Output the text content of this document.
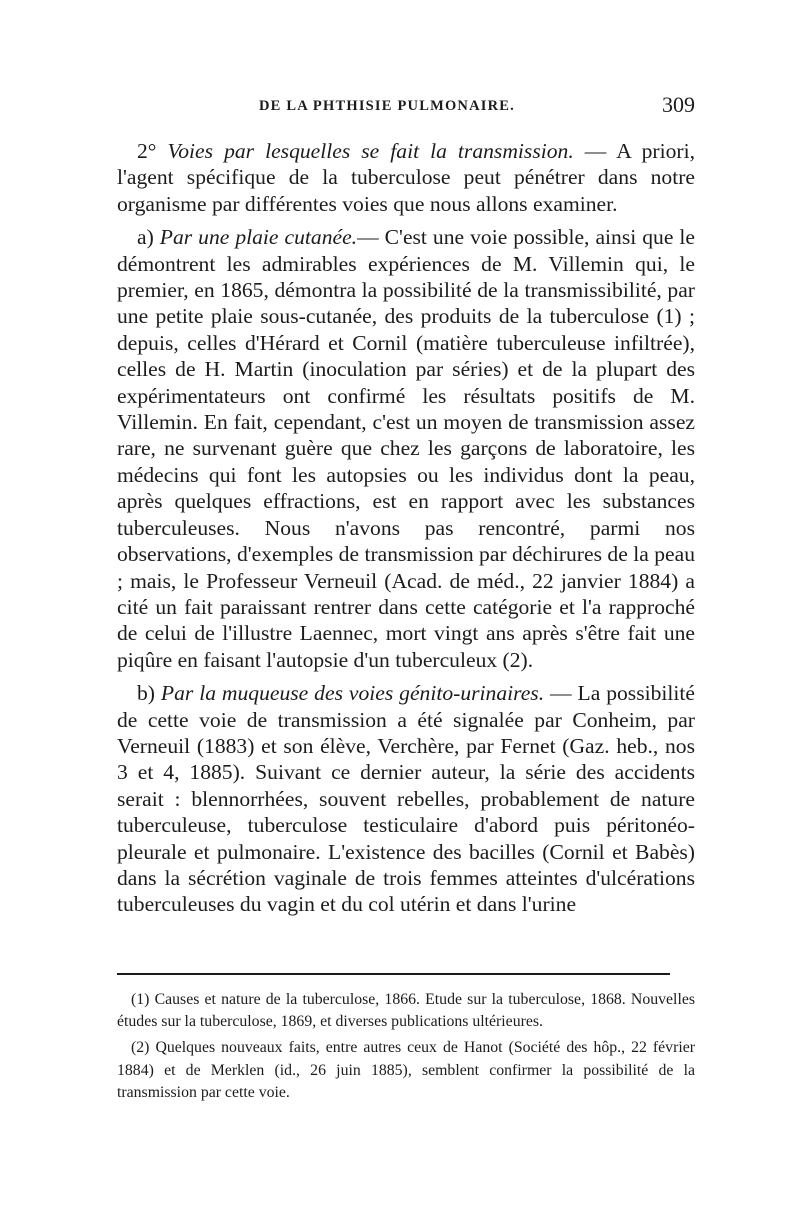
DE LA PHTHISIE PULMONAIRE.	309

2° Voies par lesquelles se fait la transmission. — A priori, l'agent spécifique de la tuberculose peut pénétrer dans notre organisme par différentes voies que nous allons examiner.

a) Par une plaie cutanée.— C'est une voie possible, ainsi que le démontrent les admirables expériences de M. Villemin qui, le premier, en 1865, démontra la possibilité de la transmissibilité, par une petite plaie sous-cutanée, des produits de la tuberculose (1) ; depuis, celles d'Hérard et Cornil (matière tuberculeuse infiltrée), celles de H. Martin (inoculation par séries) et de la plupart des expérimentateurs ont confirmé les résultats positifs de M. Villemin. En fait, cependant, c'est un moyen de transmission assez rare, ne survenant guère que chez les garçons de laboratoire, les médecins qui font les autopsies ou les individus dont la peau, après quelques effractions, est en rapport avec les substances tuberculeuses. Nous n'avons pas rencontré, parmi nos observations, d'exemples de transmission par déchirures de la peau ; mais, le Professeur Verneuil (Acad. de méd., 22 janvier 1884) a cité un fait paraissant rentrer dans cette catégorie et l'a rapproché de celui de l'illustre Laennec, mort vingt ans après s'être fait une piqûre en faisant l'autopsie d'un tuberculeux (2).

b) Par la muqueuse des voies génito-urinaires. — La possibilité de cette voie de transmission a été signalée par Conheim, par Verneuil (1883) et son élève, Verchère, par Fernet (Gaz. heb., nos 3 et 4, 1885). Suivant ce dernier auteur, la série des accidents serait : blennorrhées, souvent rebelles, probablement de nature tuberculeuse, tuberculose testiculaire d'abord puis péritonéo-pleurale et pulmonaire. L'existence des bacilles (Cornil et Babès) dans la sécrétion vaginale de trois femmes atteintes d'ulcérations tuberculeuses du vagin et du col utérin et dans l'urine

(1) Causes et nature de la tuberculose, 1866. Etude sur la tuberculose, 1868. Nouvelles études sur la tuberculose, 1869, et diverses publications ultérieures.

(2) Quelques nouveaux faits, entre autres ceux de Hanot (Société des hôp., 22 février 1884) et de Merklen (id., 26 juin 1885), semblent confirmer la possibilité de la transmission par cette voie.
